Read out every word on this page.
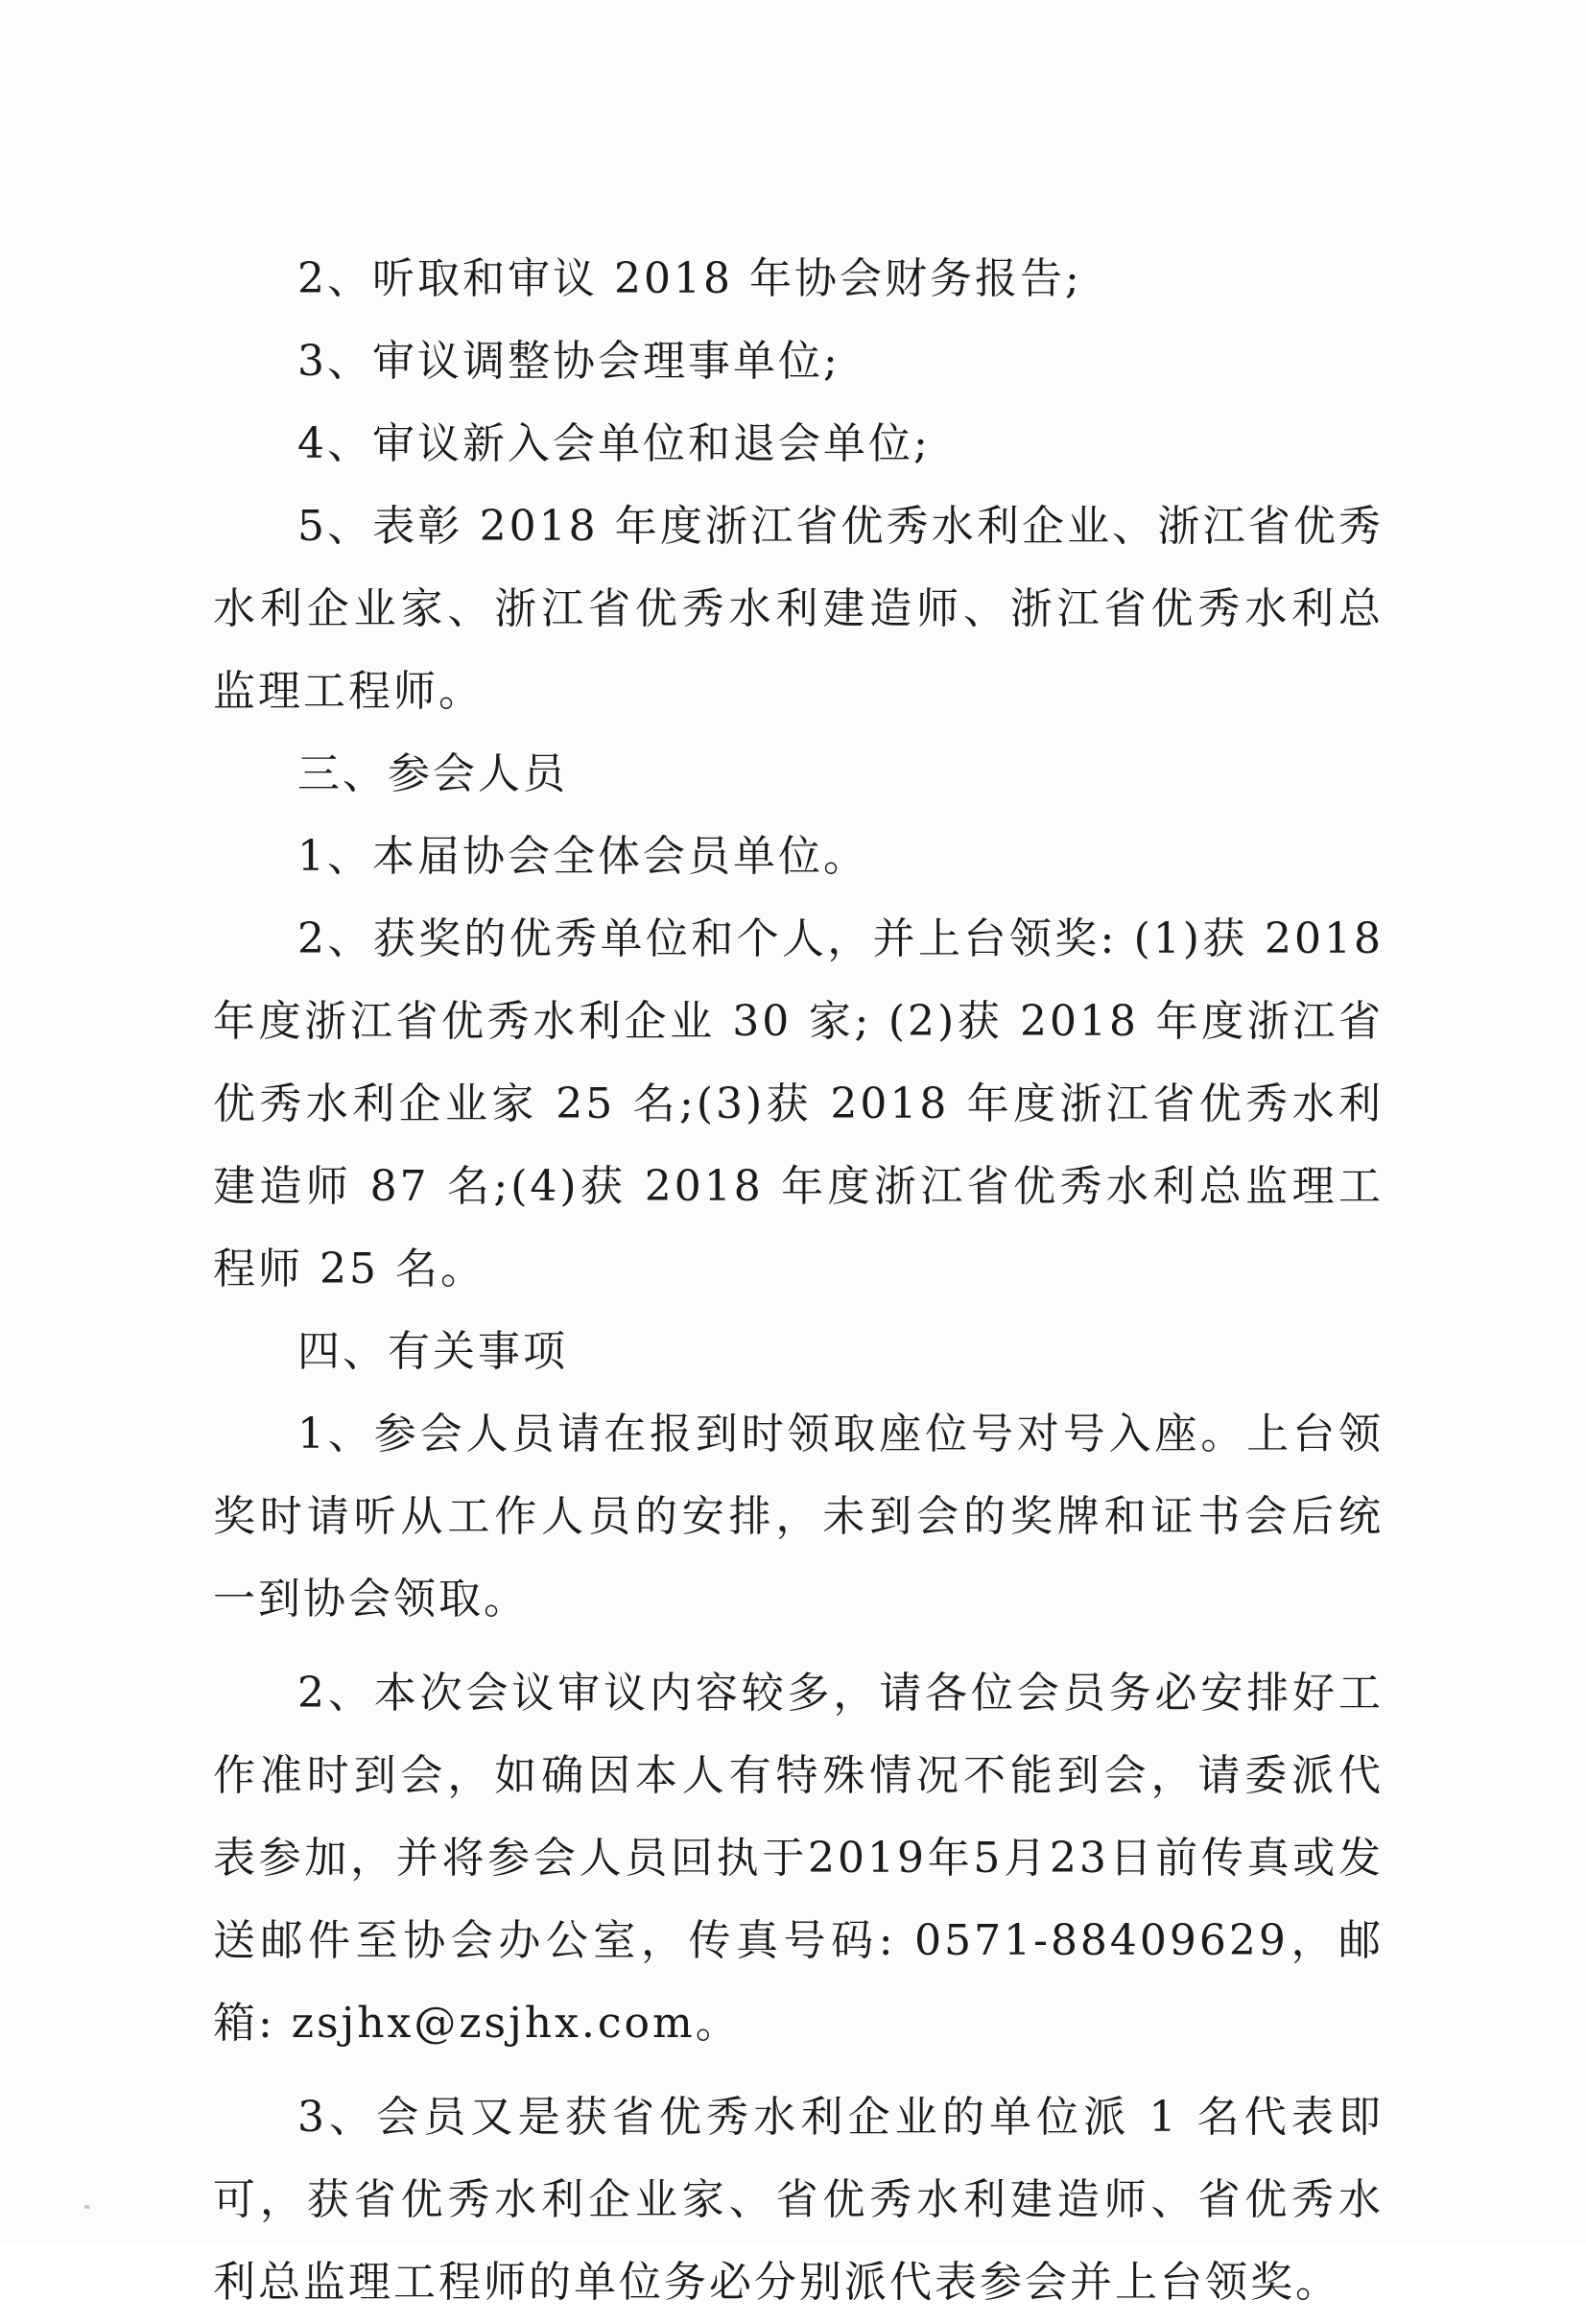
2、听取和审议 2018 年协会财务报告;

3、审议调整协会理事单位;

4、审议新入会单位和退会单位;

5、表彰 2018 年度浙江省优秀水利企业、浙江省优秀水利企业家、浙江省优秀水利建造师、浙江省优秀水利总监理工程师。

三、参会人员

1、本届协会全体会员单位。

2、获奖的优秀单位和个人，并上台领奖: (1)获 2018 年度浙江省优秀水利企业 30 家; (2)获 2018 年度浙江省优秀水利企业家 25 名;(3)获 2018 年度浙江省优秀水利建造师 87 名;(4)获 2018 年度浙江省优秀水利总监理工程师 25 名。

四、有关事项

1、参会人员请在报到时领取座位号对号入座。上台领奖时请听从工作人员的安排，未到会的奖牌和证书会后统一到协会领取。

2、本次会议审议内容较多，请各位会员务必安排好工作准时到会，如确因本人有特殊情况不能到会，请委派代表参加，并将参会人员回执于2019年5月23日前传真或发送邮件至协会办公室，传真号码: 0571-88409629，邮箱: zsjhx@zsjhx.com。

3、会员又是获省优秀水利企业的单位派 1 名代表即可，获省优秀水利企业家、省优秀水利建造师、省优秀水利总监理工程师的单位务必分别派代表参会并上台领奖。
